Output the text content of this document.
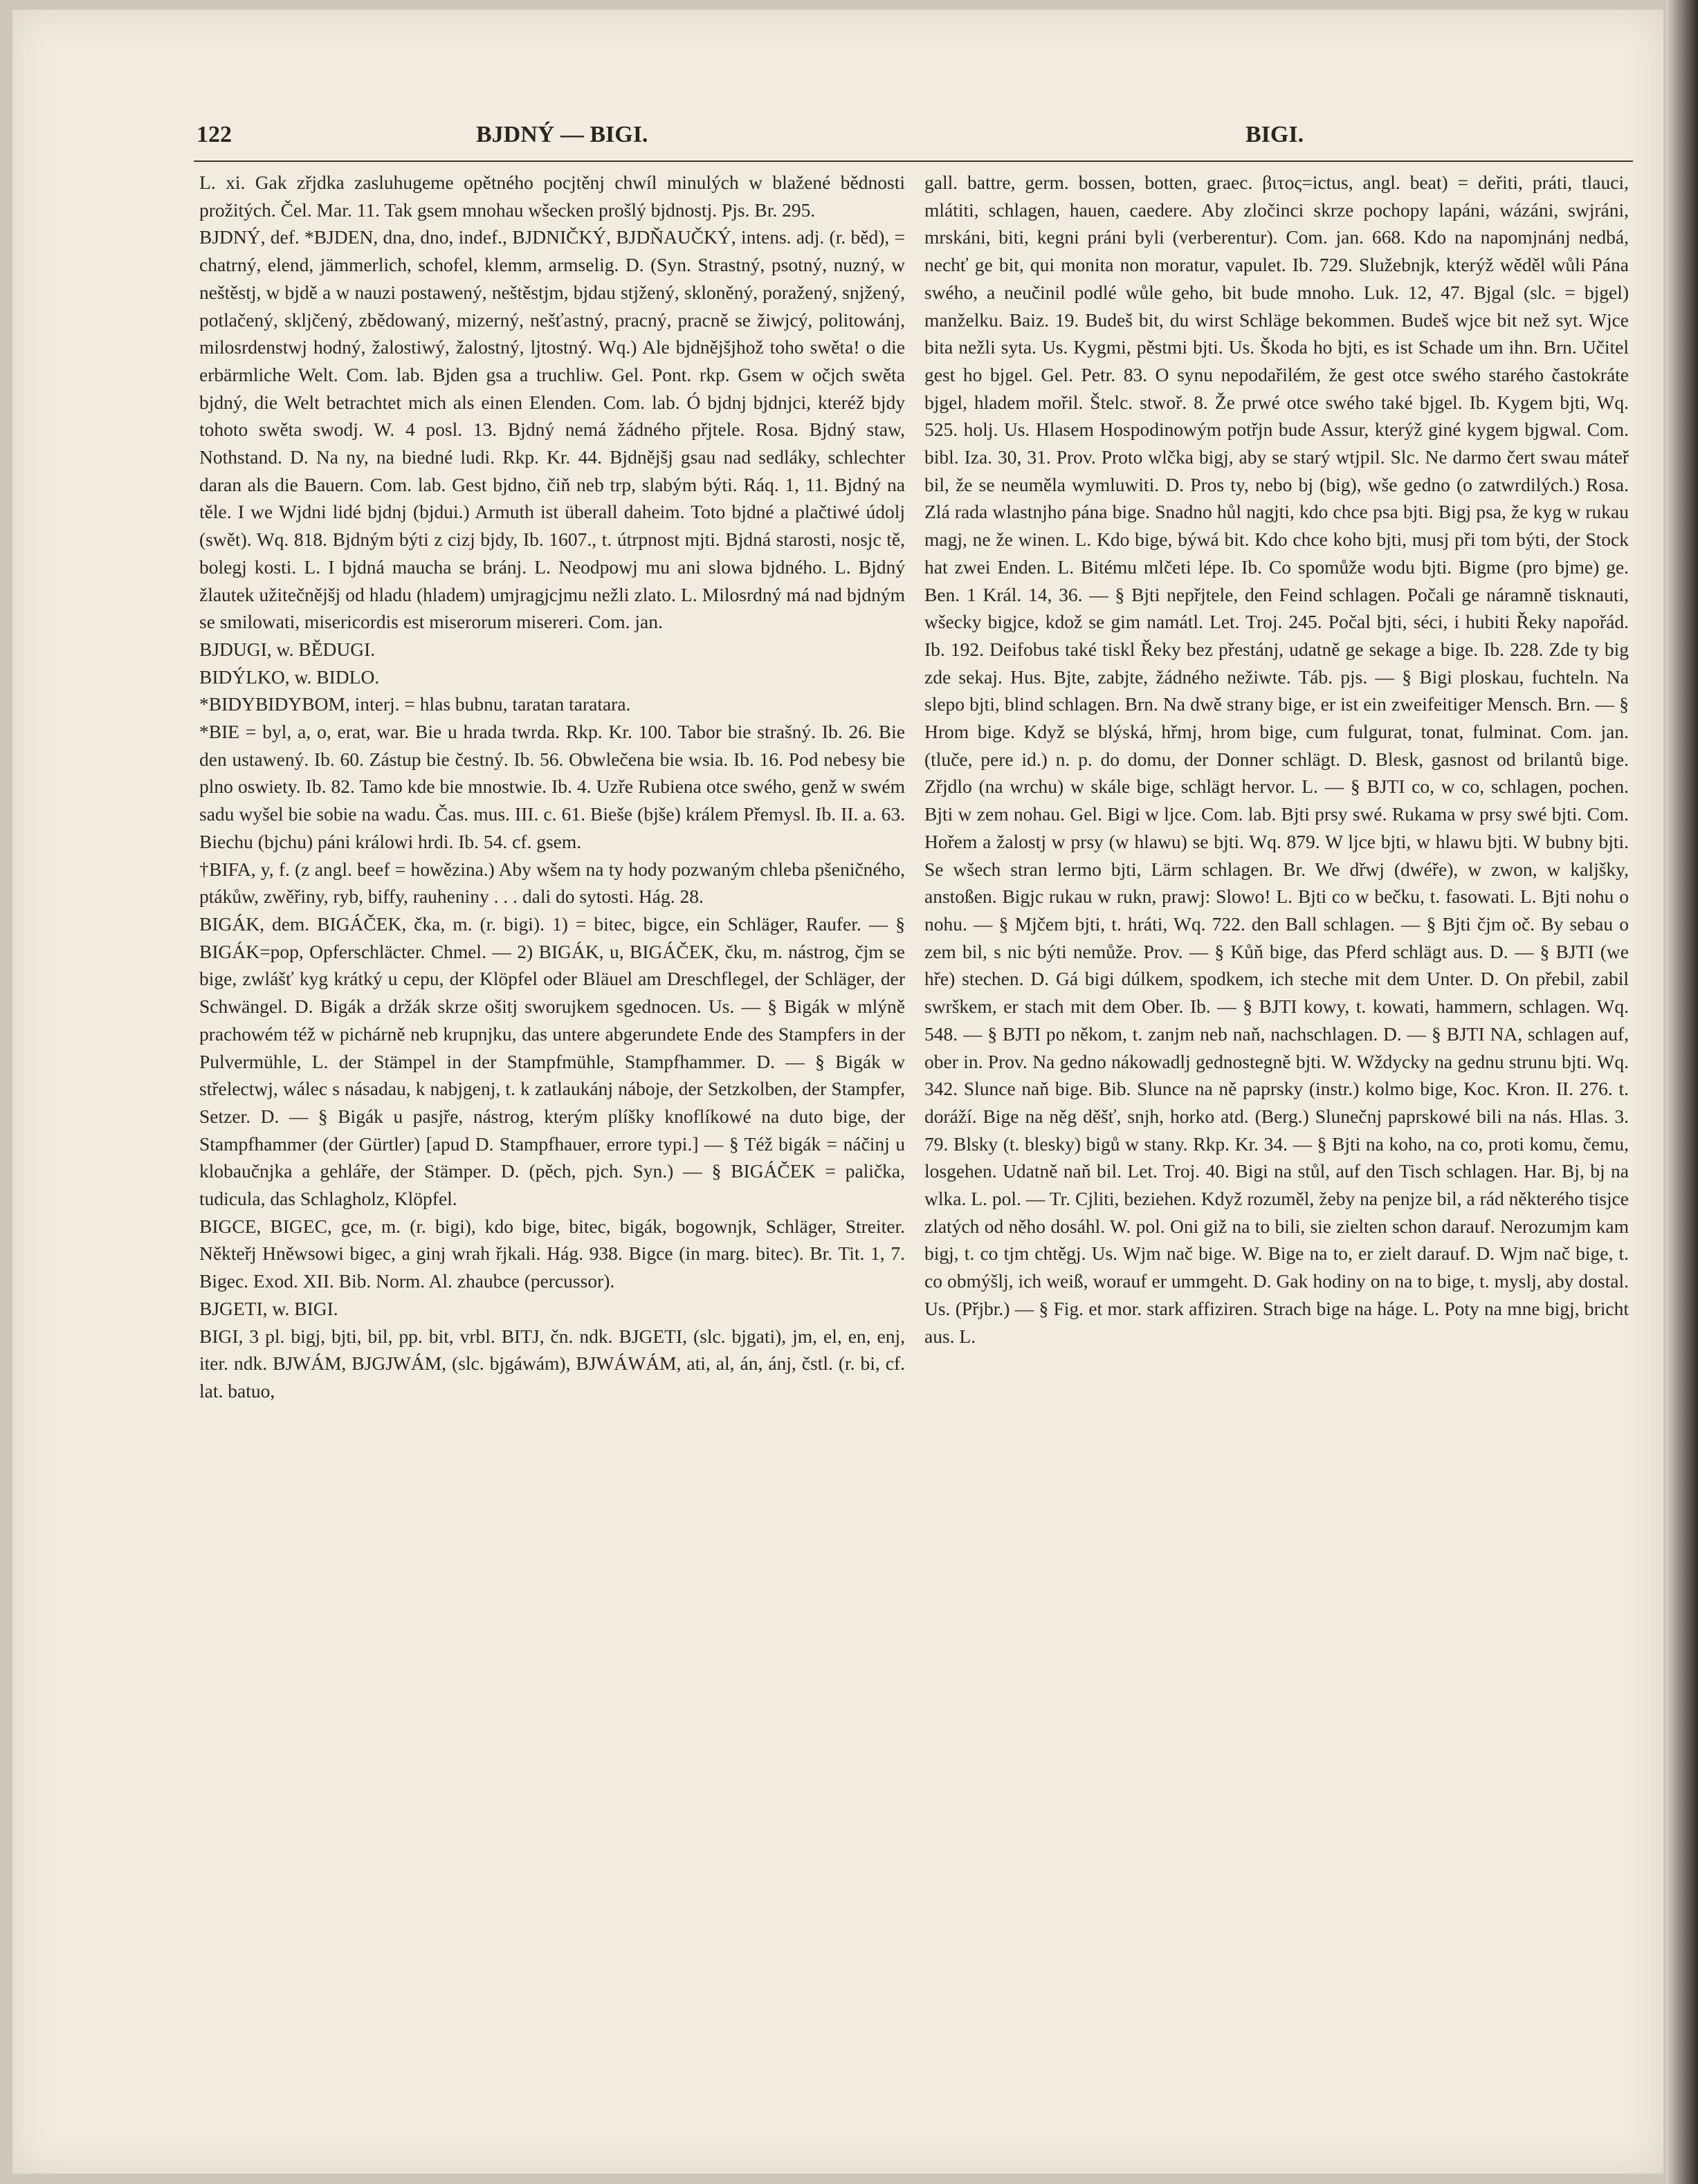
122	BJDNÝ — BIGI.	BIGI.

L. xi. Gak zřjdka zasluhugeme opětného pocjtěnj chwíl minulých w blažené bědnosti prožitých. Čel. Mar. 11. Tak gsem mnohau wšecken prošlý bjdnostj. Pjs. Br. 295.

BJDNÝ, def. *BJDEN, dna, dno, indef., BJDNIČKÝ, BJDŇAUČKÝ, intens. adj. (r. běd), = chatrný, elend, jämmerlich, schofel, klemm, armselig. D. (Syn. Strastný, psotný, nuzný, w neštěstj, w bjdě a w nauzi postawený, neštěstjm, bjdau stjžený, skloněný, poražený, snjžený, potlačený, skljčený, zbědowaný, mizerný, nešťastný, pracný, pracně se žiwjcý, politowánj, milosrdenstwj hodný, žalostiwý, žalostný, ljtostný. Wq.) Ale bjdnějšjhož toho swěta! o die erbärmliche Welt. Com. lab. Bjden gsa a truchliw. Gel. Pont. rkp. Gsem w očjch swěta bjdný, die Welt betrachtet mich als einen Elenden. Com. lab. Ó bjdnj bjdnjci, kteréž bjdy tohoto swěta swodj. W. 4 posl. 13. Bjdný nemá žádného přjtele. Rosa. Bjdný staw, Nothstand. D. Na ny, na biedné ludi. Rkp. Kr. 44. Bjdnějšj gsau nad sedláky, schlechter daran als die Bauern. Com. lab. Gest bjdno, čiň neb trp, slabým býti. Ráq. 1, 11. Bjdný na těle. I we Wjdni lidé bjdnj (bjdui.) Armuth ist überall daheim. Toto bjdné a plačtiwé údolj (swět). Wq. 818. Bjdným býti z cizj bjdy, Ib. 1607., t. útrpnost mjti. Bjdná starosti, nosjc tě, bolegj kosti. L. I bjdná maucha se bránj. L. Neodpowj mu ani slowa bjdného. L. Bjdný žlautek užitečnějšj od hladu (hladem) umjragjcjmu nežli zlato. L. Milosrdný má nad bjdným se smilowati, misericordis est miserorum misereri. Com. jan.

BJDUGI, w. BĚDUGI.

BIDÝLKO, w. BIDLO.

*BIDYBIDYBOM, interj. = hlas bubnu, taratan taratara.

*BIE = byl, a, o, erat, war. Bie u hrada twrda. Rkp. Kr. 100. Tabor bie strašný. Ib. 26. Bie den ustawený. Ib. 60. Zástup bie čestný. Ib. 56. Obwlečena bie wsia. Ib. 16. Pod nebesy bie plno oswiety. Ib. 82. Tamo kde bie mnostwie. Ib. 4. Uzře Rubiena otce swého, genž w swém sadu wyšel bie sobie na wadu. Čas. mus. III. c. 61. Bieše (bjše) králem Přemysl. Ib. II. a. 63. Biechu (bjchu) páni králowi hrdi. Ib. 54. cf. gsem.

†BIFA, y, f. (z angl. beef = howězina.) Aby wšem na ty hody pozwaným chleba pšeničného, ptákůw, zwěřiny, ryb, biffy, rauheniny . . . dali do sytosti. Hág. 28.

BIGÁK, dem. BIGÁČEK, čka, m. (r. bigi). 1) = bitec, bigce, ein Schläger, Raufer. — § BIGÁK=pop, Opferschläcter. Chmel. — 2) BIGÁK, u, BIGÁČEK, čku, m. nástrog, čjm se bige, zwlášť kyg krátký u cepu, der Klöpfel oder Bläuel am Dreschflegel, der Schläger, der Schwängel. D. Bigák a držák skrze ošitj sworujkem sgednocen. Us. — § Bigák w mlýně prachowém též w pichárně neb krupnjku, das untere abgerundete Ende des Stampfers in der Pulvermühle, L. der Stämpel in der Stampfmühle, Stampfhammer. D. — § Bigák w střelectwj, wálec s násadau, k nabjgenj, t. k zatlaukánj náboje, der Setzkolben, der Stampfer, Setzer. D. — § Bigák u pasjře, nástrog, kterým plíšky knoflíkowé na duto bige, der Stampfhammer (der Gürtler) [apud D. Stampfhauer, errore typi.] — § Též bigák = náčinj u klobaučnjka a gehláře, der Stämper. D. (pěch, pjch. Syn.) — § BIGÁČEK = palička, tudicula, das Schlagholz, Klöpfel.

BIGCE, BIGEC, gce, m. (r. bigi), kdo bige, bitec, bigák, bogownjk, Schläger, Streiter. Někteřj Hněwsowi bigec, a ginj wrah řjkali. Hág. 938. Bigce (in marg. bitec). Br. Tit. 1, 7. Bigec. Exod. XII. Bib. Norm. Al. zhaubce (percussor).

BJGETI, w. BIGI.

BIGI, 3 pl. bigj, bjti, bil, pp. bit, vrbl. BITJ, čn. ndk. BJGETI, (slc. bjgati), jm, el, en, enj, iter. ndk. BJWÁM, BJGJWÁM, (slc. bjgáwám), BJWÁWÁM, ati, al, án, ánj, čstl. (r. bi, cf. lat. batuo,

gall. battre, germ. bossen, botten, graec. βιτος=ictus, angl. beat) = deřiti, práti, tlauci, mlátiti, schlagen, hauen, caedere. Aby zločinci skrze pochopy lapáni, wázáni, swjráni, mrskáni, biti, kegni práni byli (verberentur). Com. jan. 668. Kdo na napomjnánj nedbá, nechť ge bit, qui monita non moratur, vapulet. Ib. 729. Služebnjk, kterýž wěděl wůli Pána swého, a neučinil podlé wůle geho, bit bude mnoho. Luk. 12, 47. Bjgal (slc. = bjgel) manželku. Baiz. 19. Budeš bit, du wirst Schläge bekommen. Budeš wjce bit než syt. Wjce bita nežli syta. Us. Kygmi, pěstmi bjti. Us. Škoda ho bjti, es ist Schade um ihn. Brn. Učitel gest ho bjgel. Gel. Petr. 83. O synu nepodařilém, že gest otce swého starého častokráte bjgel, hladem mořil. Štelc. stwoř. 8. Že prwé otce swého také bjgel. Ib. Kygem bjti, Wq. 525. holj. Us. Hlasem Hospodinowým potřjn bude Assur, kterýž giné kygem bjgwal. Com. bibl. Iza. 30, 31. Prov. Proto wlčka bigj, aby se starý wtjpil. Slc. Ne darmo čert swau máteř bil, že se neuměla wymluwiti. D. Pros ty, nebo bj (big), wše gedno (o zatwrdilých.) Rosa. Zlá rada wlastnjho pána bige. Snadno hůl nagjti, kdo chce psa bjti. Bigj psa, že kyg w rukau magj, ne že winen. L. Kdo bige, býwá bit. Kdo chce koho bjti, musj při tom býti, der Stock hat zwei Enden. L. Bitému mlčeti lépe. Ib. Co spomůže wodu bjti. Bigme (pro bjme) ge. Ben. 1 Král. 14, 36. — § Bjti nepřjtele, den Feind schlagen. Počali ge náramně tisknauti, wšecky bigjce, kdož se gim namátl. Let. Troj. 245. Počal bjti, séci, i hubiti Řeky napořád. Ib. 192. Deifobus také tiskl Řeky bez přestánj, udatně ge sekage a bige. Ib. 228. Zde ty big zde sekaj. Hus. Bjte, zabjte, žádného nežiwte. Táb. pjs. — § Bigi ploskau, fuchteln. Na slepo bjti, blind schlagen. Brn. Na dwě strany bige, er ist ein zweifeitiger Mensch. Brn. — § Hrom bige. Když se blýská, hřmj, hrom bige, cum fulgurat, tonat, fulminat. Com. jan. (tluče, pere id.) n. p. do domu, der Donner schlägt. D. Blesk, gasnost od brilantů bige. Zřjdlo (na wrchu) w skále bige, schlägt hervor. L. — § BJTI co, w co, schlagen, pochen. Bjti w zem nohau. Gel. Bigi w ljce. Com. lab. Bjti prsy swé. Rukama w prsy swé bjti. Com. Hořem a žalostj w prsy (w hlawu) se bjti. Wq. 879. W ljce bjti, w hlawu bjti. W bubny bjti. Se wšech stran lermo bjti, Lärm schlagen. Br. We dřwj (dwéře), w zwon, w kaljšky, anstoßen. Bigjc rukau w rukn, prawj: Slowo! L. Bjti co w bečku, t. fasowati. L. Bjti nohu o nohu. — § Mjčem bjti, t. hráti, Wq. 722. den Ball schlagen. — § Bjti čjm oč. By sebau o zem bil, s nic býti nemůže. Prov. — § Kůň bige, das Pferd schlägt aus. D. — § BJTI (we hře) stechen. D. Gá bigi dúlkem, spodkem, ich steche mit dem Unter. D. On přebil, zabil swrškem, er stach mit dem Ober. Ib. — § BJTI kowy, t. kowati, hammern, schlagen. Wq. 548. — § BJTI po někom, t. zanjm neb naň, nachschlagen. D. — § BJTI NA, schlagen auf, ober in. Prov. Na gedno nákowadlj gednostegně bjti. W. Wždycky na gednu strunu bjti. Wq. 342. Slunce naň bige. Bib. Slunce na ně paprsky (instr.) kolmo bige, Koc. Kron. II. 276. t. doráží. Bige na něg děšť, snjh, horko atd. (Berg.) Slunečnj paprskowé bili na nás. Hlas. 3. 79. Blsky (t. blesky) bigů w stany. Rkp. Kr. 34. — § Bjti na koho, na co, proti komu, čemu, losgehen. Udatně naň bil. Let. Troj. 40. Bigi na stůl, auf den Tisch schlagen. Har. Bj, bj na wlka. L. pol. — Tr. Cjliti, beziehen. Když rozuměl, žeby na penjze bil, a rád některého tisjce zlatých od něho dosáhl. W. pol. Oni giž na to bili, sie zielten schon darauf. Nerozumjm kam bigj, t. co tjm chtěgj. Us. Wjm nač bige. W. Bige na to, er zielt darauf. D. Wjm nač bige, t. co obmýšlj, ich weiß, worauf er ummgeht. D. Gak hodiny on na to bige, t. myslj, aby dostal. Us. (Přjbr.) — § Fig. et mor. stark affiziren. Strach bige na háge. L. Poty na mne bigj, bricht aus. L.
